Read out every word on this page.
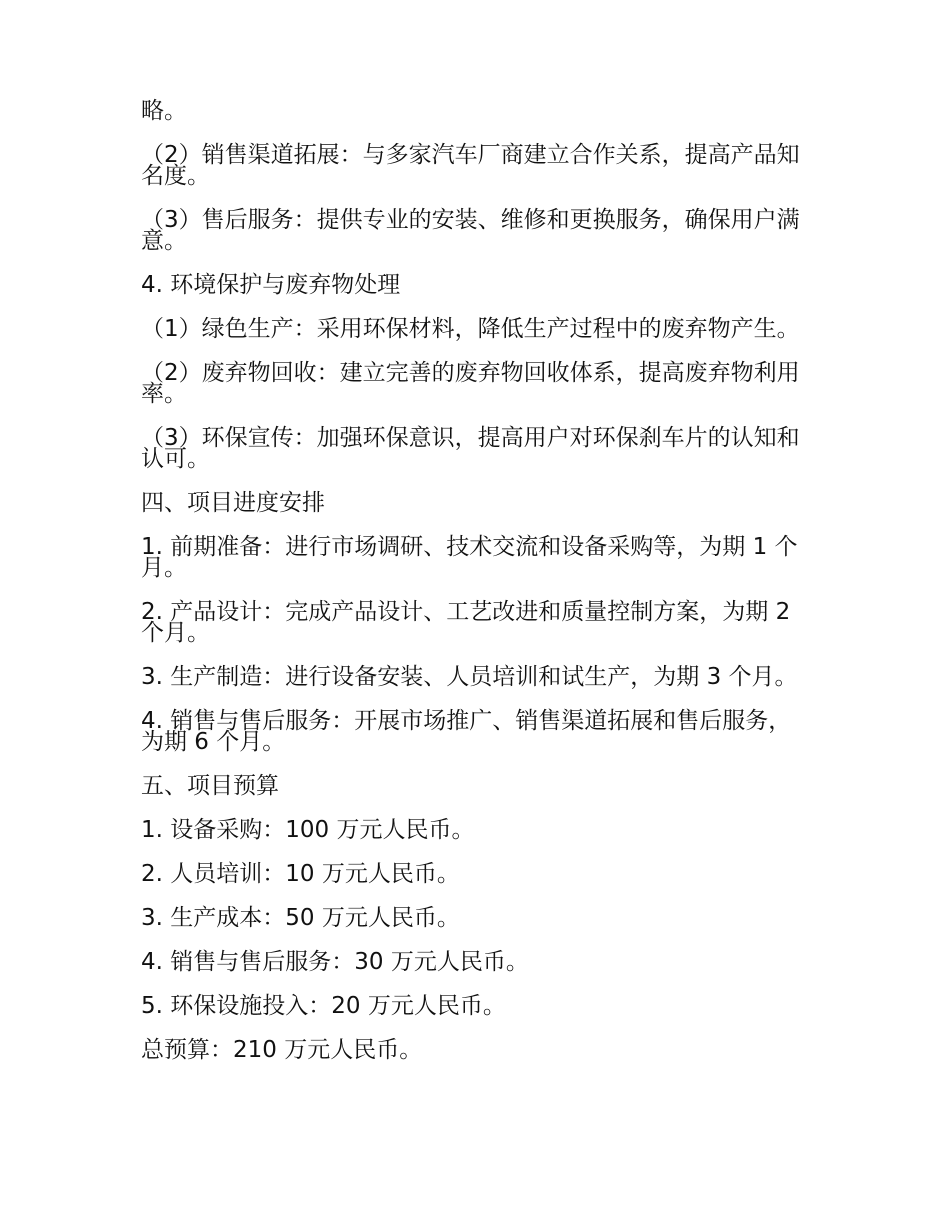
略。

（2）销售渠道拓展：与多家汽车厂商建立合作关系，提高产品知名度。

（3）售后服务：提供专业的安装、维修和更换服务，确保用户满意。

4. 环境保护与废弃物处理

（1）绿色生产：采用环保材料，降低生产过程中的废弃物产生。

（2）废弃物回收：建立完善的废弃物回收体系，提高废弃物利用率。

（3）环保宣传：加强环保意识，提高用户对环保刹车片的认知和认可。

四、项目进度安排

1. 前期准备：进行市场调研、技术交流和设备采购等，为期 1 个月。

2. 产品设计：完成产品设计、工艺改进和质量控制方案，为期 2 个月。

3. 生产制造：进行设备安装、人员培训和试生产，为期 3 个月。

4. 销售与售后服务：开展市场推广、销售渠道拓展和售后服务，为期 6 个月。

五、项目预算

1. 设备采购：100 万元人民币。

2. 人员培训：10 万元人民币。

3. 生产成本：50 万元人民币。

4. 销售与售后服务：30 万元人民币。

5. 环保设施投入：20 万元人民币。

总预算：210 万元人民币。
